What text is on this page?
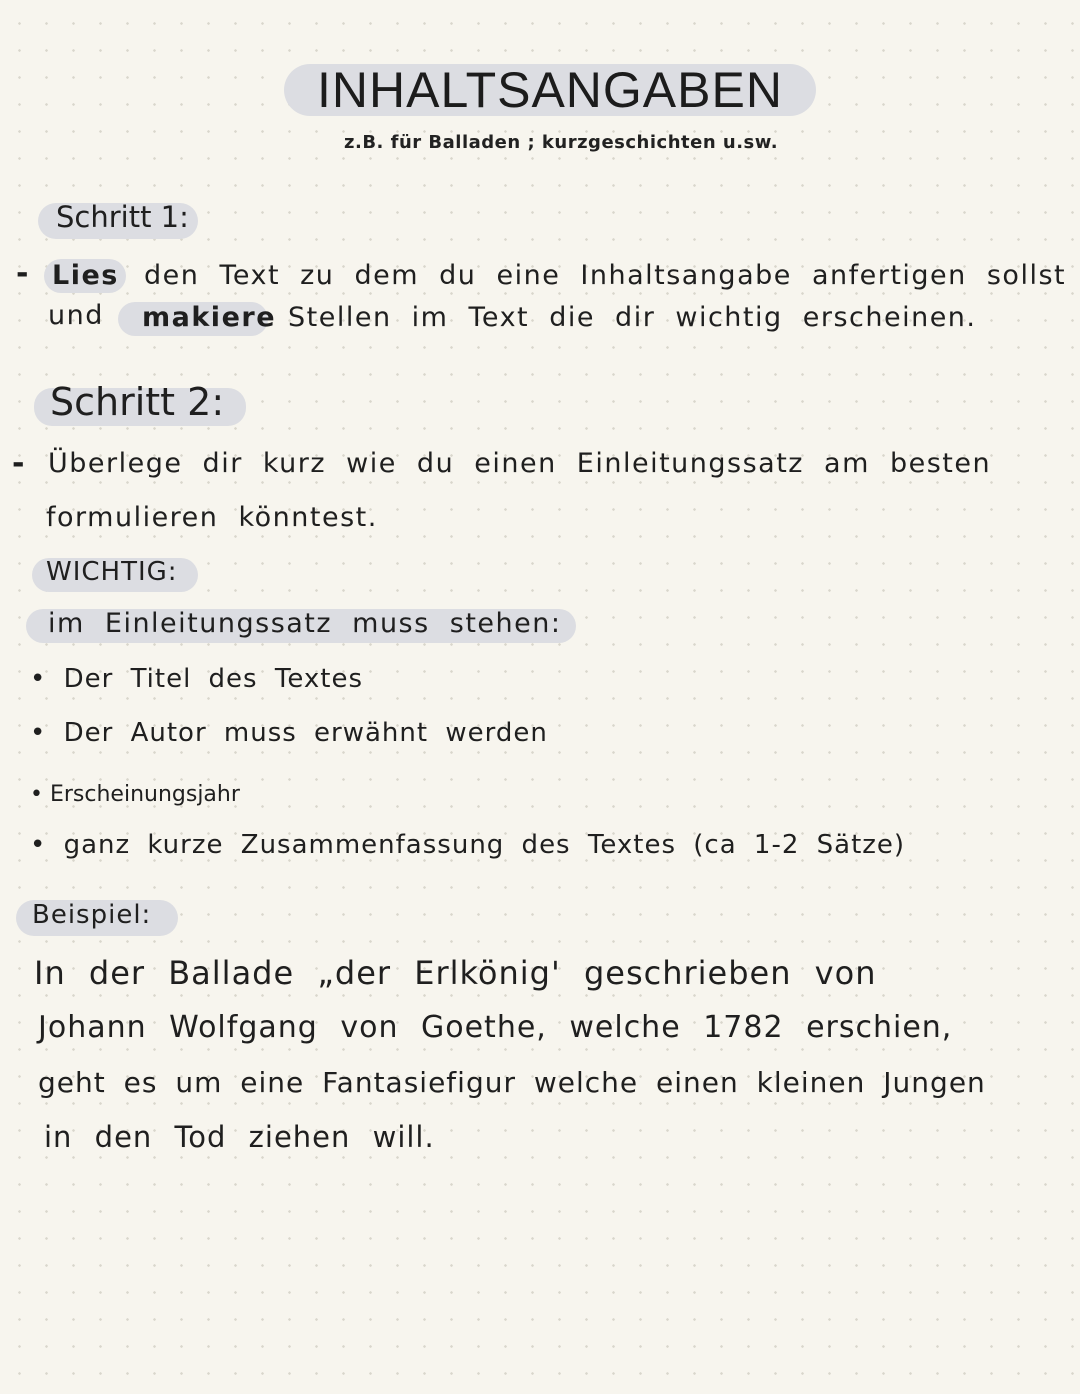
INHALTSANGABEN
z.B. für Balladen ; kurzgeschichten u.sw.
Schritt 1:
- Lies den Text zu dem du eine Inhaltsangabe anfertigen sollst
und makiere Stellen im Text die dir wichtig erscheinen.
Schritt 2:
- Überlege dir kurz wie du einen Einleitungssatz am besten
formulieren könntest.
WICHTIG:
im Einleitungssatz muss stehen:
• Der Titel des Textes
• Der Autor muss erwähnt werden
• Erscheinungsjahr
• ganz kurze Zusammenfassung des Textes (ca 1-2 Sätze)
Beispiel:
In der Ballade „der Erlkönig' geschrieben von
Johann Wolfgang von Goethe, welche 1782 erschien,
geht es um eine Fantasiefigur welche einen kleinen Jungen
in den Tod ziehen will.
